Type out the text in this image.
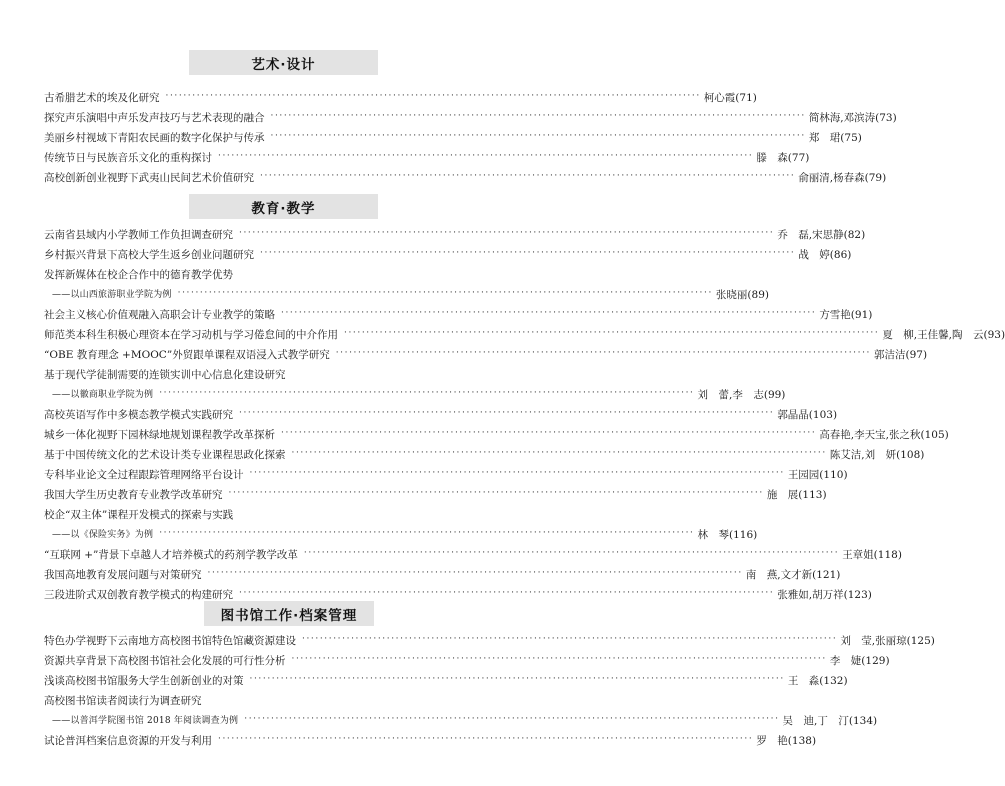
艺术·设计
古希腊艺术的埃及化研究 ························································································································ 柯心霞(71)
探究声乐演唱中声乐发声技巧与艺术表现的融合 ························································································································ 简林海,邓滨涛(73)
美丽乡村视域下青阳农民画的数字化保护与传承 ························································································································ 郑　珺(75)
传统节日与民族音乐文化的重构探讨 ························································································································ 滕　森(77)
高校创新创业视野下武夷山民间艺术价值研究 ························································································································ 俞丽清,杨春森(79)
教育·教学
云南省县域内小学教师工作负担调查研究 ························································································································ 乔　磊,宋思静(82)
乡村振兴背景下高校大学生返乡创业问题研究 ························································································································ 战　婷(86)
发挥新媒体在校企合作中的德育教学优势
——以山西旅游职业学院为例 ························································································································ 张晓丽(89)
社会主义核心价值观融入高职会计专业教学的策略 ························································································································ 方雪艳(91)
师范类本科生积极心理资本在学习动机与学习倦怠间的中介作用 ························································································································ 夏　柳,王佳馨,陶　云(93)
“OBE 教育理念 +MOOC”外贸跟单课程双语浸入式教学研究 ························································································································ 郭洁洁(97)
基于现代学徒制需要的连锁实训中心信息化建设研究
——以徽商职业学院为例 ························································································································ 刘　蕾,李　志(99)
高校英语写作中多模态教学模式实践研究 ························································································································ 郭晶晶(103)
城乡一体化视野下园林绿地规划课程教学改革探析 ························································································································ 高春艳,李天宝,张之秋(105)
基于中国传统文化的艺术设计类专业课程思政化探索 ························································································································ 陈艾洁,刘　妍(108)
专科毕业论文全过程跟踪管理网络平台设计 ························································································································ 王园园(110)
我国大学生历史教育专业教学改革研究 ························································································································ 施　展(113)
校企“双主体”课程开发模式的探索与实践
——以《保险实务》为例 ························································································································ 林　琴(116)
“互联网 +”背景下卓越人才培养模式的药剂学教学改革 ························································································································ 王章姐(118)
我国高地教育发展问题与对策研究 ························································································································ 南　燕,文才新(121)
三段进阶式双创教育教学模式的构建研究 ························································································································ 张雅如,胡万祥(123)
图书馆工作·档案管理
特色办学视野下云南地方高校图书馆特色馆藏资源建设 ························································································································ 刘　莹,张丽琼(125)
资源共享背景下高校图书馆社会化发展的可行性分析 ························································································································ 李　婕(129)
浅谈高校图书馆服务大学生创新创业的对策 ························································································································ 王　淼(132)
高校图书馆读者阅读行为调查研究
——以普洱学院图书馆 2018 年阅读调查为例 ························································································································ 吴　迪,丁　汀(134)
试论普洱档案信息资源的开发与利用 ························································································································ 罗　艳(138)
